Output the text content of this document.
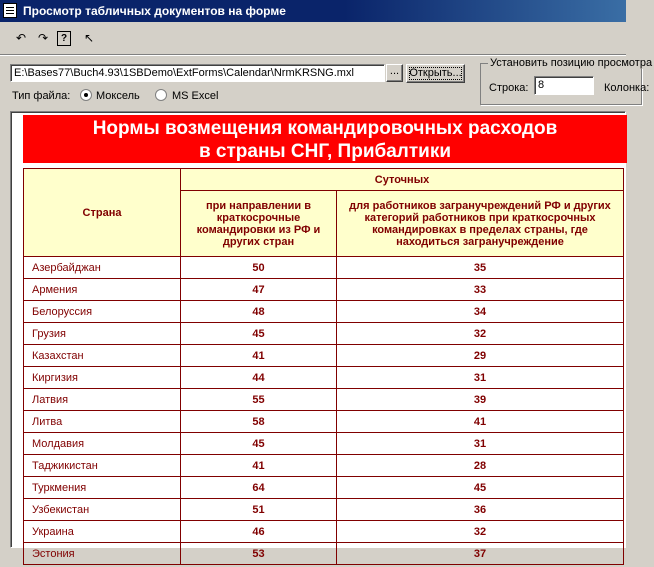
Просмотр табличных документов на форме
↶ ↷	?	↖
E:\Bases77\Buch4.93\1SBDemo\ExtForms\Calendar\NrmKRSNG.mxl	... Открыть...
Тип файла: Моксель	MS Excel
Установить позицию просмотра
Строка: 8	Колонка:
Нормы возмещения командировочных расходов
в страны СНГ, Прибалтики
Страна	Суточных	
	при направлении в краткосрочные командировки из РФ и других стран	для работников загранучреждений РФ и других категорий работников при краткосрочных командировках в пределах страны, где находиться загранучреждение
Азербайджан	50	35
Армения	47	33
Белоруссия	48	34
Грузия	45	32
Казахстан	41	29
Киргизия	44	31
Латвия	55	39
Литва	58	41
Молдавия	45	31
Таджикистан	41	28
Туркмения	64	45
Узбекистан	51	36
Украина	46	32
Эстония	53	37
